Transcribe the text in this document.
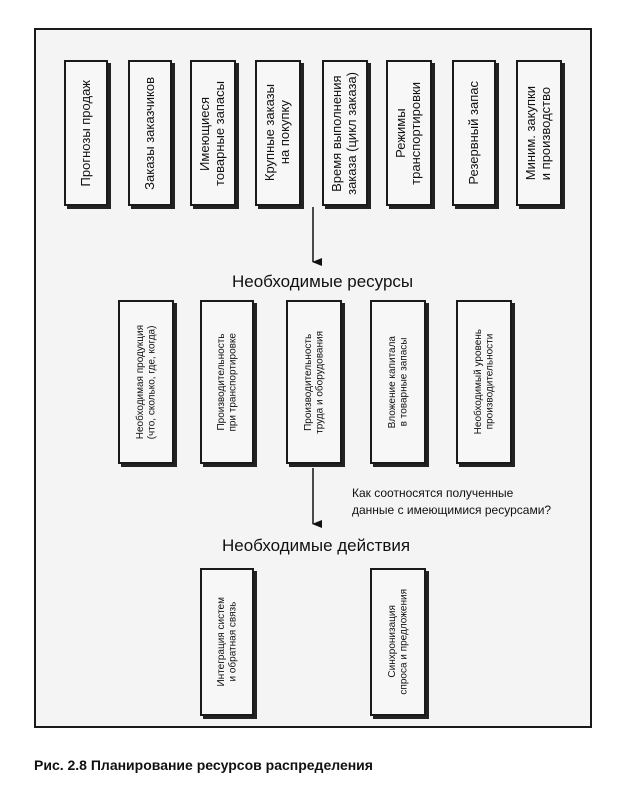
Прогнозы продаж	Заказы заказчиков	Имеющиеся
товарные запасы
Крупные заказы
на покупку
Время выполнения
заказа (цикл заказа)
Режимы
транспортировки	Резервный запас	Миним. закупки
и производство
Необходимые ресурсы
Необходимая продукция
(что, сколько, где, когда)	Производительность
при транспортировке	Производительность
труда и оборудования
Вложение капитала
в товарные запасы
Необходимый уровень
производительности
Как соотносятся полученные
данные с имеющимися ресурсами?
Необходимые действия
Интеграция систем
и обратная связь	Синхронизация
спроса и предложения
Рис. 2.8 Планирование ресурсов распределения
